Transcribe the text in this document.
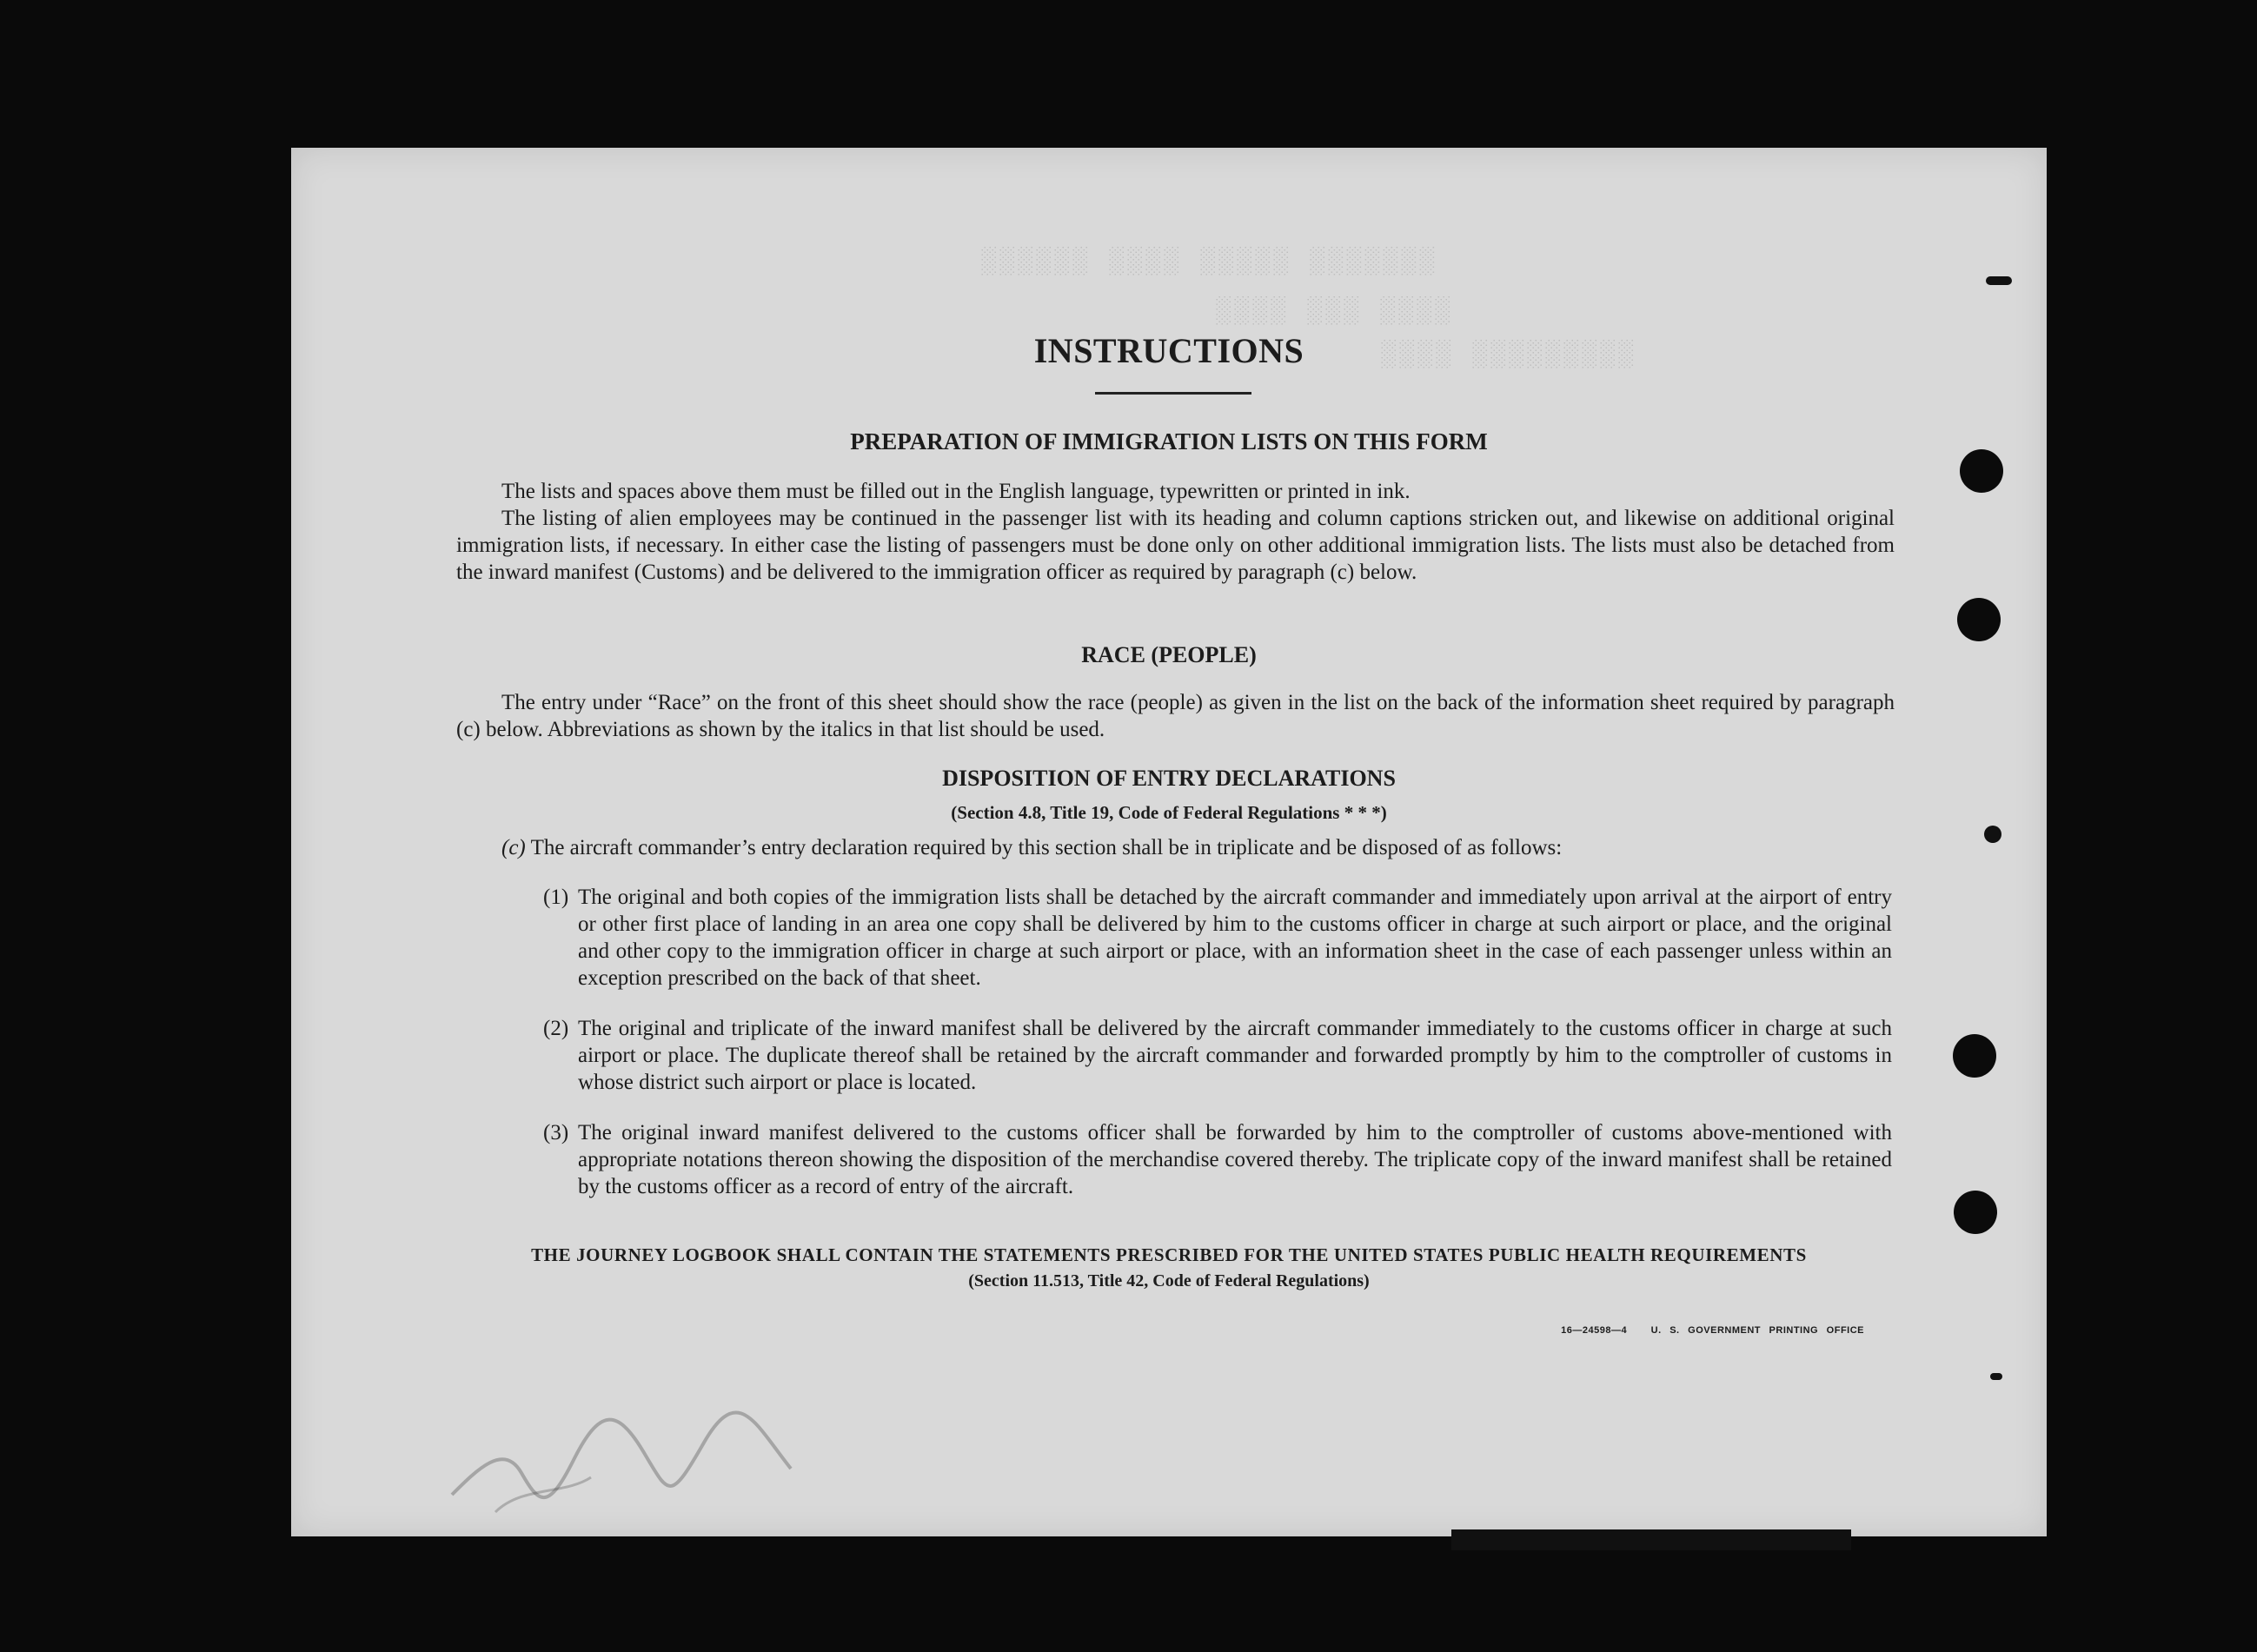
░░░░░░░ ░░░░░ ░░░░ ░░░░░░
░░░░ ░░░ ░░░░
░░░░░░░░░ ░░░░
INSTRUCTIONS
PREPARATION OF IMMIGRATION LISTS ON THIS FORM
The lists and spaces above them must be filled out in the English language, typewritten or printed in ink.
The listing of alien employees may be continued in the passenger list with its heading and column captions stricken out, and likewise on additional original immigration lists, if necessary. In either case the listing of passengers must be done only on other additional immigration lists. The lists must also be detached from the inward manifest (Customs) and be delivered to the immigration officer as required by paragraph (c) below.
RACE (PEOPLE)
The entry under “Race” on the front of this sheet should show the race (people) as given in the list on the back of the information sheet required by paragraph (c) below. Abbreviations as shown by the italics in that list should be used.
DISPOSITION OF ENTRY DECLARATIONS
(Section 4.8, Title 19, Code of Federal Regulations * * *)
(c) The aircraft commander’s entry declaration required by this section shall be in triplicate and be disposed of as follows:
(1) The original and both copies of the immigration lists shall be detached by the aircraft commander and immediately upon arrival at the airport of entry or other first place of landing in an area one copy shall be delivered by him to the customs officer in charge at such airport or place, and the original and other copy to the immigration officer in charge at such airport or place, with an information sheet in the case of each passenger unless within an exception prescribed on the back of that sheet.
(2) The original and triplicate of the inward manifest shall be delivered by the aircraft commander immediately to the customs officer in charge at such airport or place. The duplicate thereof shall be retained by the aircraft commander and forwarded promptly by him to the comptroller of customs in whose district such airport or place is located.
(3) The original inward manifest delivered to the customs officer shall be forwarded by him to the comptroller of customs above-mentioned with appropriate notations thereon showing the disposition of the merchandise covered thereby. The triplicate copy of the inward manifest shall be retained by the customs officer as a record of entry of the aircraft.
THE JOURNEY LOGBOOK SHALL CONTAIN THE STATEMENTS PRESCRIBED FOR THE UNITED STATES PUBLIC HEALTH REQUIREMENTS
(Section 11.513, Title 42, Code of Federal Regulations)
16—24598—4	U. S. GOVERNMENT PRINTING OFFICE
